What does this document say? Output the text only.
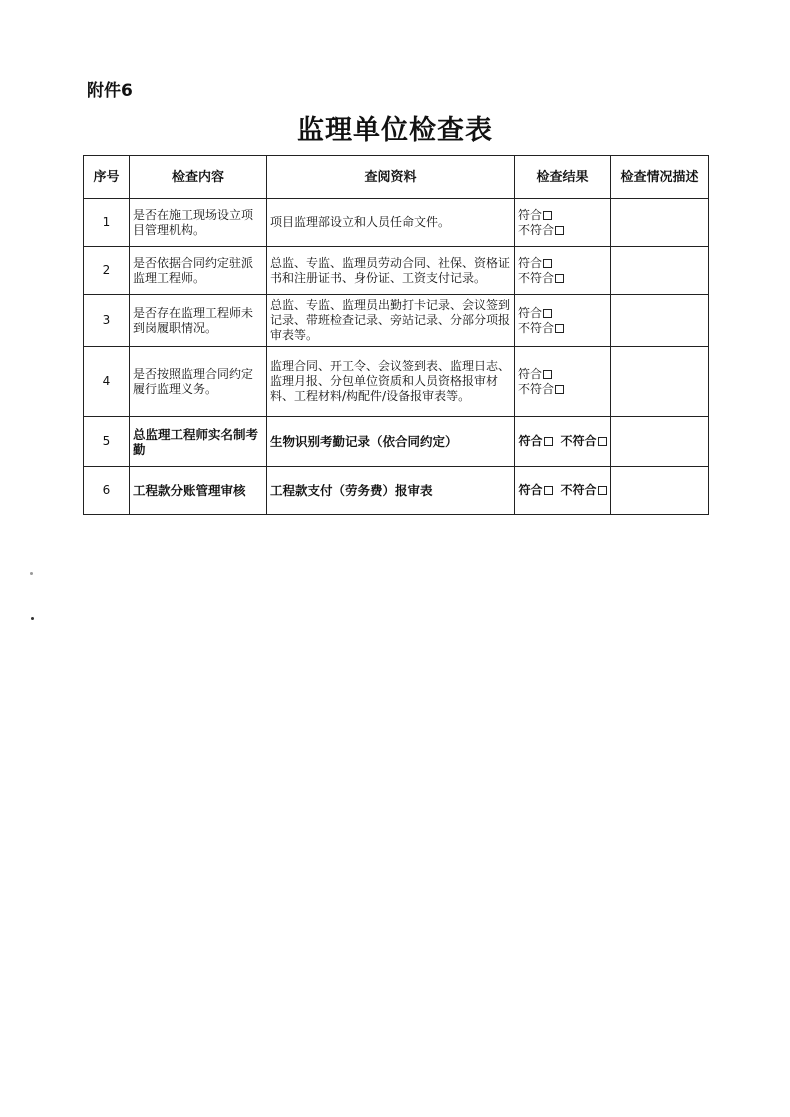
附件6
监理单位检查表
序号	检查内容	查阅资料	检查结果	检查情况描述
1	是否在施工现场设立项目管理机构。	项目监理部设立和人员任命文件。	符合不符合	
2	是否依据合同约定驻派监理工程师。	总监、专监、监理员劳动合同、社保、资格证书和注册证书、身份证、工资支付记录。	符合不符合	
3	是否存在监理工程师未到岗履职情况。	总监、专监、监理员出勤打卡记录、会议签到记录、带班检查记录、旁站记录、分部分项报审表等。	符合不符合	
4	是否按照监理合同约定履行监理义务。	监理合同、开工令、会议签到表、监理日志、监理月报、分包单位资质和人员资格报审材料、工程材料/构配件/设备报审表等。	符合不符合	
5	总监理工程师实名制考勤	生物识别考勤记录（依合同约定）	符合 不符合	
6	工程款分账管理审核	工程款支付（劳务费）报审表	符合 不符合	
